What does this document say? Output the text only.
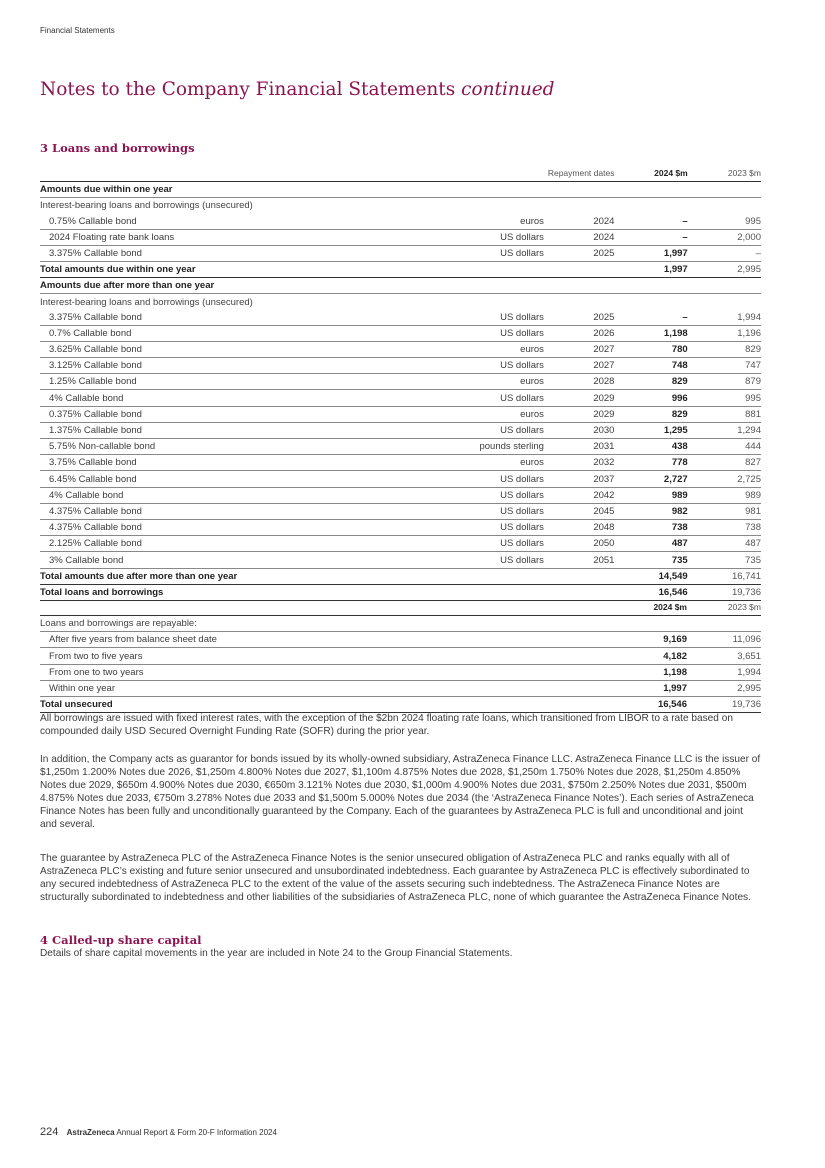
Financial Statements
Notes to the Company Financial Statements continued
3 Loans and borrowings
		Repayment dates	2024 $m	2023 $m
Amounts due within one year				
Interest-bearing loans and borrowings (unsecured)				
0.75% Callable bond	euros	2024	–	995
2024 Floating rate bank loans	US dollars	2024	–	2,000
3.375% Callable bond	US dollars	2025	1,997	–
Total amounts due within one year			1,997	2,995
Amounts due after more than one year				
Interest-bearing loans and borrowings (unsecured)				
3.375% Callable bond	US dollars	2025	–	1,994
0.7% Callable bond	US dollars	2026	1,198	1,196
3.625% Callable bond	euros	2027	780	829
3.125% Callable bond	US dollars	2027	748	747
1.25% Callable bond	euros	2028	829	879
4% Callable bond	US dollars	2029	996	995
0.375% Callable bond	euros	2029	829	881
1.375% Callable bond	US dollars	2030	1,295	1,294
5.75% Non-callable bond	pounds sterling	2031	438	444
3.75% Callable bond	euros	2032	778	827
6.45% Callable bond	US dollars	2037	2,727	2,725
4% Callable bond	US dollars	2042	989	989
4.375% Callable bond	US dollars	2045	982	981
4.375% Callable bond	US dollars	2048	738	738
2.125% Callable bond	US dollars	2050	487	487
3% Callable bond	US dollars	2051	735	735
Total amounts due after more than one year			14,549	16,741
Total loans and borrowings			16,546	19,736
			2024 $m	2023 $m
Loans and borrowings are repayable:				
After five years from balance sheet date			9,169	11,096
From two to five years			4,182	3,651
From one to two years			1,198	1,994
Within one year			1,997	2,995
Total unsecured			16,546	19,736

All borrowings are issued with fixed interest rates, with the exception of the $2bn 2024 floating rate loans, which transitioned from LIBOR to a rate based on compounded daily USD Secured Overnight Funding Rate (SOFR) during the prior year.

In addition, the Company acts as guarantor for bonds issued by its wholly-owned subsidiary, AstraZeneca Finance LLC. AstraZeneca Finance LLC is the issuer of $1,250m 1.200% Notes due 2026, $1,250m 4.800% Notes due 2027, $1,100m 4.875% Notes due 2028, $1,250m 1.750% Notes due 2028, $1,250m 4.850% Notes due 2029, $650m 4.900% Notes due 2030, €650m 3.121% Notes due 2030, $1,000m 4.900% Notes due 2031, $750m 2.250% Notes due 2031, $500m 4.875% Notes due 2033, €750m 3.278% Notes due 2033 and $1,500m 5.000% Notes due 2034 (the ‘AstraZeneca Finance Notes’). Each series of AstraZeneca Finance Notes has been fully and unconditionally guaranteed by the Company. Each of the guarantees by AstraZeneca PLC is full and unconditional and joint and several.

The guarantee by AstraZeneca PLC of the AstraZeneca Finance Notes is the senior unsecured obligation of AstraZeneca PLC and ranks equally with all of AstraZeneca PLC’s existing and future senior unsecured and unsubordinated indebtedness. Each guarantee by AstraZeneca PLC is effectively subordinated to any secured indebtedness of AstraZeneca PLC to the extent of the value of the assets securing such indebtedness. The AstraZeneca Finance Notes are structurally subordinated to indebtedness and other liabilities of the subsidiaries of AstraZeneca PLC, none of which guarantee the AstraZeneca Finance Notes.

4 Called-up share capital
Details of share capital movements in the year are included in Note 24 to the Group Financial Statements.
224 AstraZeneca Annual Report & Form 20-F Information 2024
